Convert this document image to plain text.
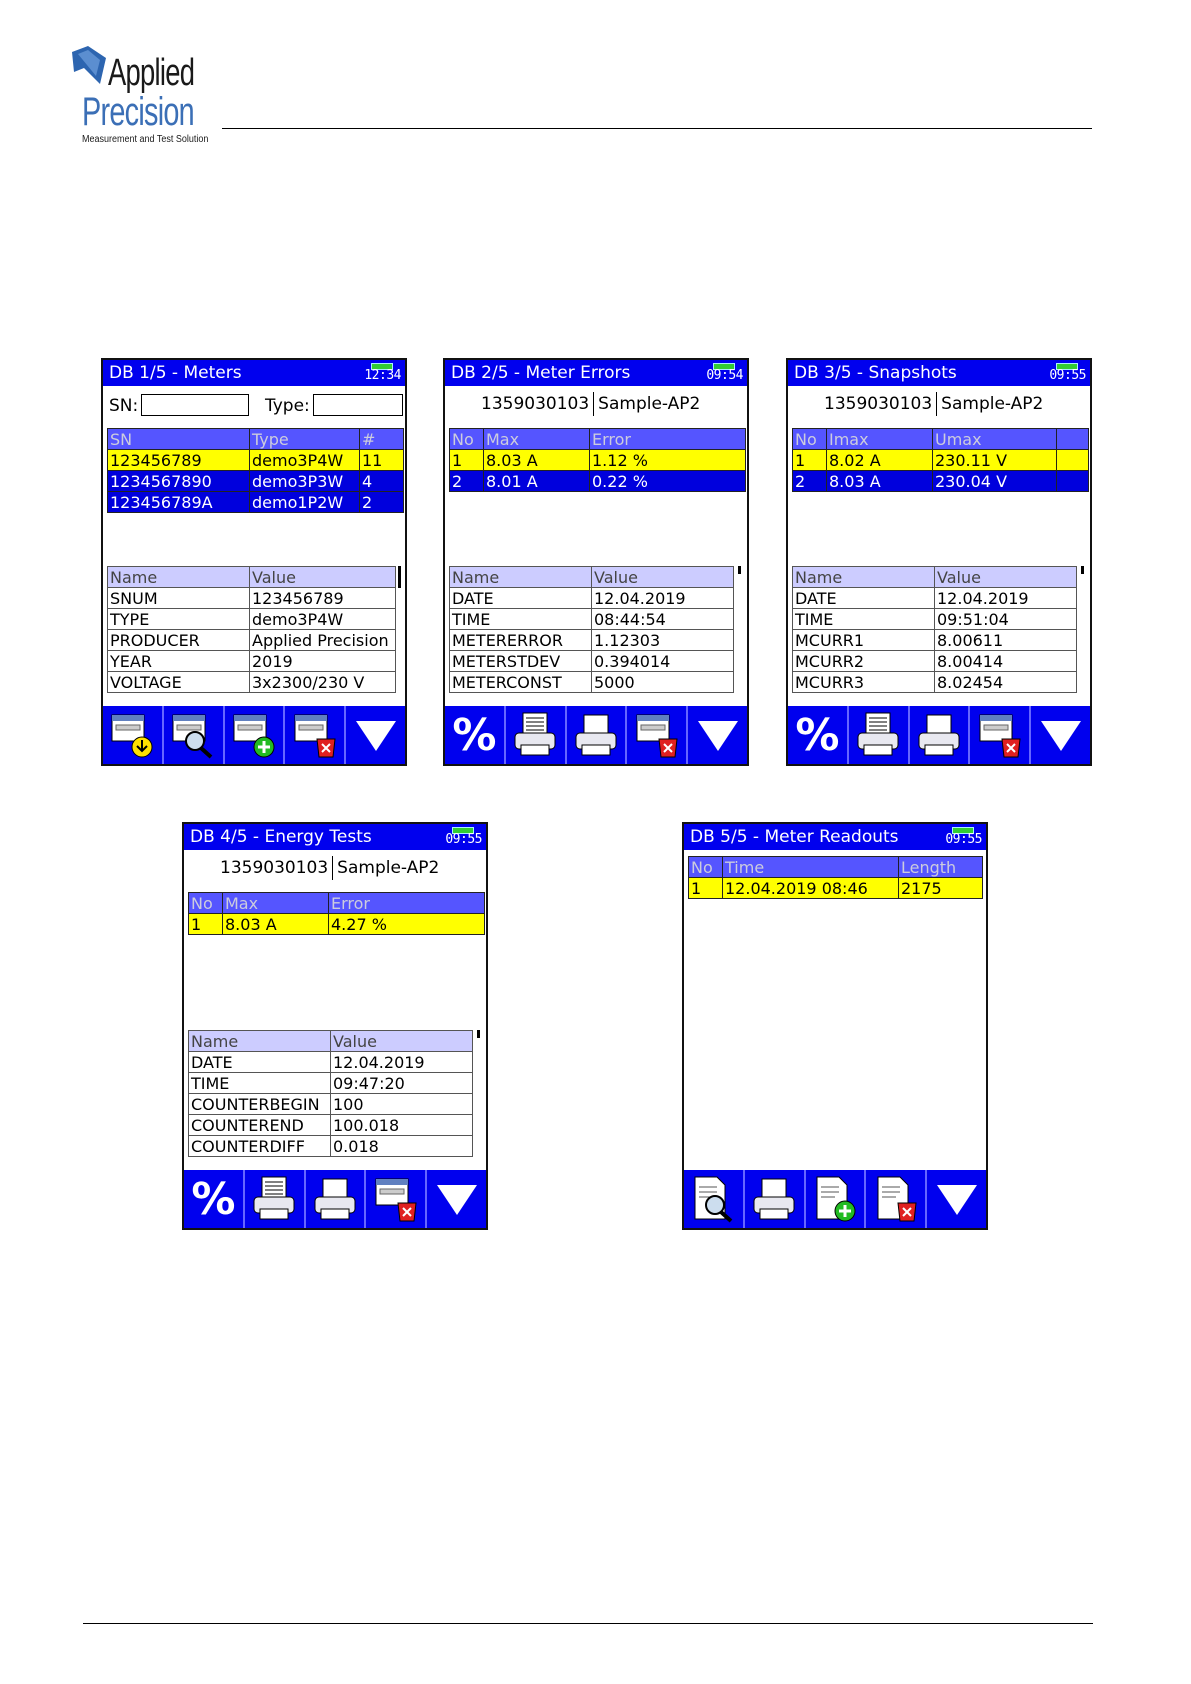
Applied
Precision
Measurement and Test Solution
DB 1/5 - Meters	12:34
SN:	Type:
SN	Type	#
123456789	demo3P4W	11
1234567890	demo3P3W	4
123456789A	demo1P2W	2
Name	Value
SNUM	123456789
TYPE	demo3P4W
PRODUCER	Applied Precision
YEAR	2019
VOLTAGE	3x2300/230 V
DB 2/5 - Meter Errors	09:54
1359030103 Sample-AP2
No	Max	Error
1	8.03 A	1.12 %
2	8.01 A	0.22 %
Name	Value
DATE	12.04.2019
TIME	08:44:54
METERERROR	1.12303
METERSTDEV	0.394014
METERCONST	5000
%
DB 3/5 - Snapshots	09:55
1359030103 Sample-AP2
No	Imax	Umax	
1	8.02 A	230.11 V	
2	8.03 A	230.04 V	
Name	Value
DATE	12.04.2019
TIME	09:51:04
MCURR1	8.00611
MCURR2	8.00414
MCURR3	8.02454
%
DB 4/5 - Energy Tests	09:55
1359030103 Sample-AP2
No	Max	Error
1	8.03 A	4.27 %
Name	Value
DATE	12.04.2019
TIME	09:47:20
COUNTERBEGIN	100
COUNTEREND	100.018
COUNTERDIFF	0.018
%
DB 5/5 - Meter Readouts	09:55
No	Time	Length
1	12.04.2019 08:46	2175
